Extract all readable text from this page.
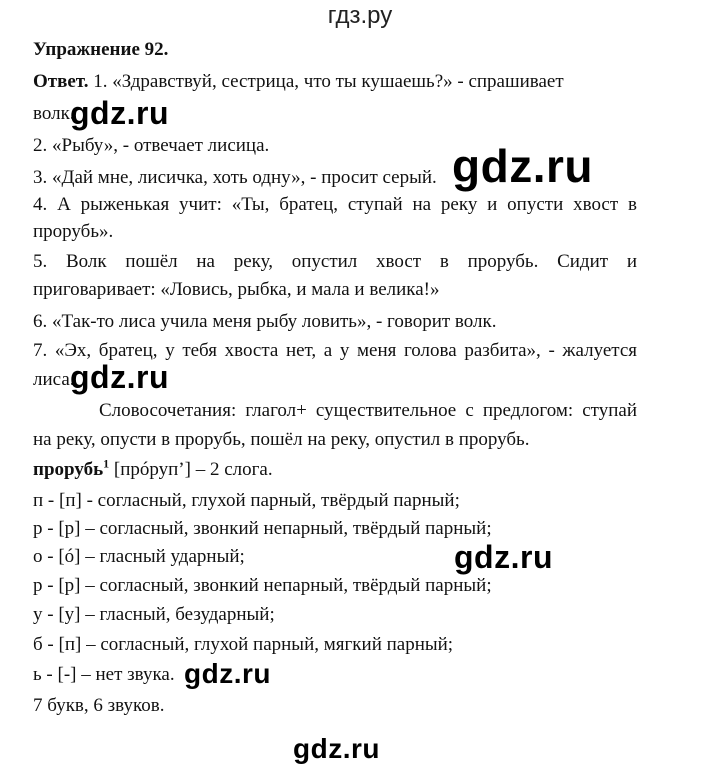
гдз.ру
Упражнение 92.
Ответ. 1. «Здравствуй, сестрица, что ты кушаешь?» - спрашивает
волк.
2. «Рыбу», - отвечает лисица.
3. «Дай мне, лисичка, хоть одну», - просит серый.
4. А рыженькая учит: «Ты, братец, ступай на реку и опусти хвост в
прорубь».
5. Волк пошёл на реку, опустил хвост в прорубь. Сидит и
приговаривает: «Ловись, рыбка, и мала и велика!»
6. «Так-то лиса учила меня рыбу ловить», - говорит волк.
7. «Эх, братец, у тебя хвоста нет, а у меня голова разбита», - жалуется
лиса.
Словосочетания: глагол+ существительное с предлогом: ступай
на реку, опусти в прорубь, пошёл на реку, опустил в прорубь.
прорубь$^1$ [прóруп’] – 2 слога.
п - [п] - согласный, глухой парный, твёрдый парный;
р - [р] – согласный, звонкий непарный, твёрдый парный;
о - [ó] – гласный ударный;
р - [р] – согласный, звонкий непарный, твёрдый парный;
у - [у] – гласный, безударный;
б - [п] – согласный, глухой парный, мягкий парный;
ь - [-] – нет звука.
7 букв, 6 звуков.
gdz.ru
gdz.ru
gdz.ru
gdz.ru
gdz.ru
gdz.ru
